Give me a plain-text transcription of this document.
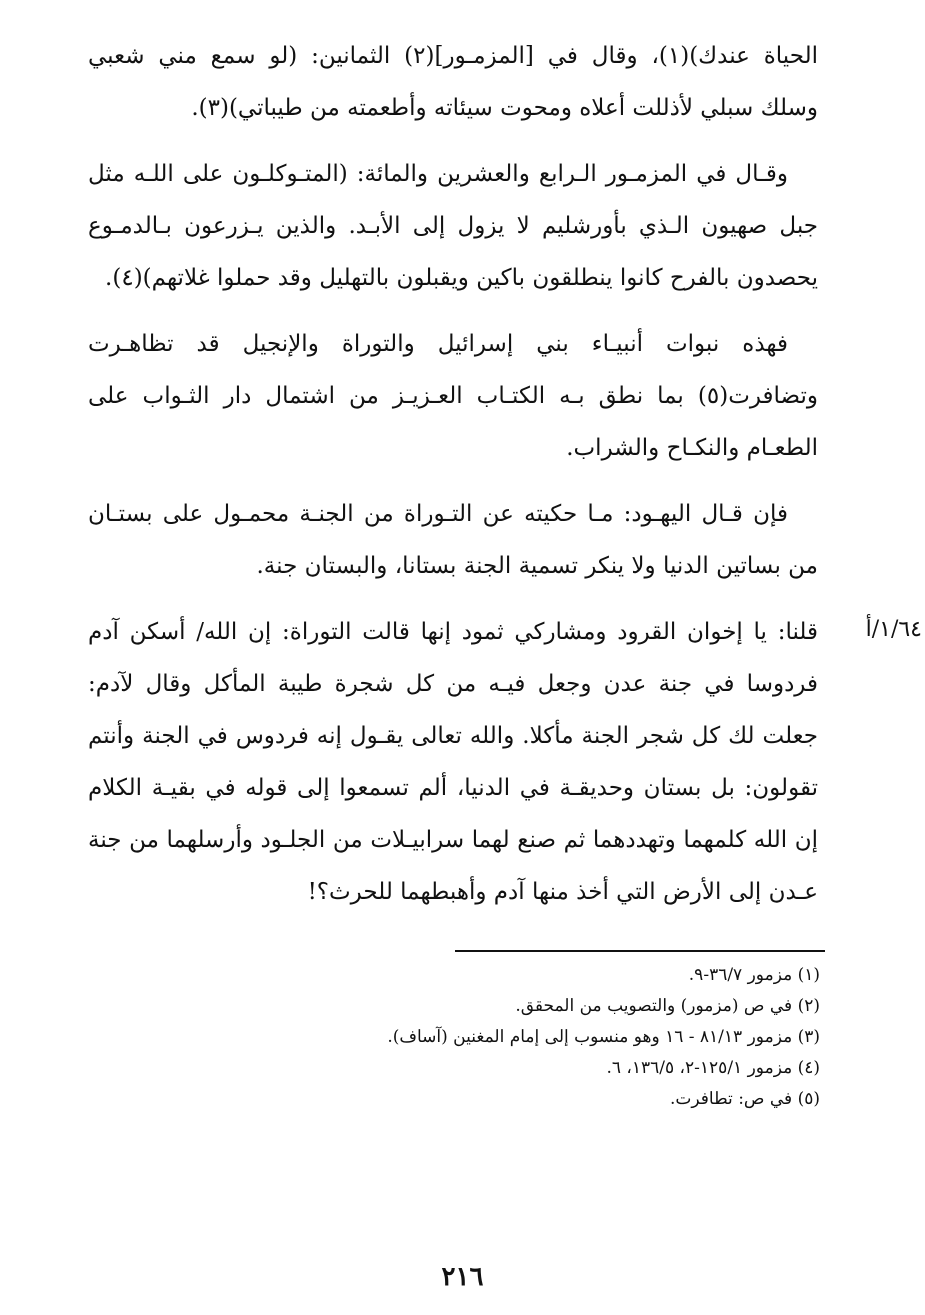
الحياة عندك)(١)، وقال في [المزمـور](٢) الثمانين: (لو سمع مني شعبي وسلك سبلي لأذللت أعلاه ومحوت سيئاته وأطعمته من طيباتي)(٣).

وقـال في المزمـور الـرابع والعشرين والمائة: (المتـوكلـون على اللـه مثل جبل صهيون الـذي بأورشليم لا يزول إلى الأبـد. والذين يـزرعون بـالدمـوع يحصدون بالفرح كانوا ينطلقون باكين ويقبلون بالتهليل وقد حملوا غلاتهم)(٤).

فهذه نبوات أنبيـاء بني إسرائيل والتوراة والإنجيل قد تظاهـرت وتضافرت(٥) بما نطق بـه الكتـاب العـزيـز من اشتمال دار الثـواب على الطعـام والنكـاح والشراب.

فإن قـال اليهـود: مـا حكيته عن التـوراة من الجنـة محمـول على بستـان من بساتين الدنيا ولا ينكر تسمية الجنة بستانا، والبستان جنة.

قلنا: يا إخوان القرود ومشاركي ثمود إنها قالت التوراة: إن الله/ أسكن آدم فردوسا في جنة عدن وجعل فيـه من كل شجرة طيبة المأكل وقال لآدم: جعلت لك كل شجر الجنة مأكلا. والله تعالى يقـول إنه فردوس في الجنة وأنتم تقولون: بل بستان وحديقـة في الدنيا، ألم تسمعوا إلى قوله في بقيـة الكلام إن الله كلمهما وتهددهما ثم صنع لهما سرابيـلات من الجلـود وأرسلهما من جنة عـدن إلى الأرض التي أخذ منها آدم وأهبطهما للحرث؟!

١/٦٤/أ

(١) مزمور ٣٦/٧-٩.

(٢) في ص (مزمور) والتصويب من المحقق.

(٣) مزمور ٨١/١٣ - ١٦ وهو منسوب إلى إمام المغنين (آساف).

(٤) مزمور ١٢٥/١-٢، ١٣٦/٥، ٦.

(٥) في ص: تطافرت.

٢١٦
